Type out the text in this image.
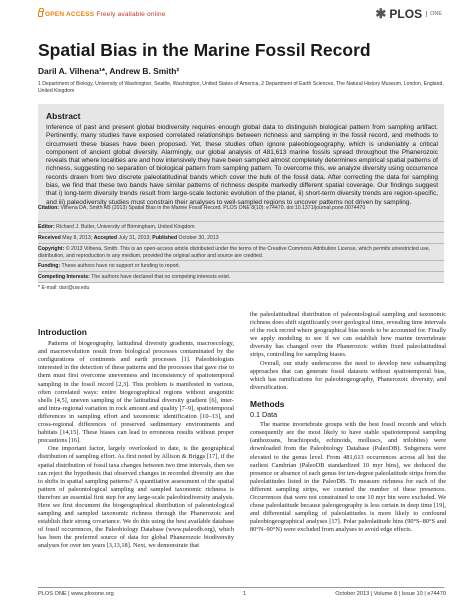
OPEN ACCESS Freely available online
✱	PLOS	ONE
Spatial Bias in the Marine Fossil Record
Daril A. Vilhena¹*, Andrew B. Smith²
1 Department of Biology, University of Washington, Seattle, Washington, United States of America, 2 Department of Earth Sciences, The Natural History Museum, London, England, United Kingdom
Abstract
Inference of past and present global biodiversity requires enough global data to distinguish biological pattern from sampling artifact. Pertinently, many studies have exposed correlated relationships between richness and sampling in the fossil record, and methods to circumvent these biases have been proposed. Yet, these studies often ignore paleobiogeography, which is undeniably a critical component of ancient global diversity. Alarmingly, our global analysis of 481,613 marine fossils spread throughout the Phanerozoic reveals that where localities are and how intensively they have been sampled almost completely determines empirical spatial patterns of richness, suggesting no separation of biological pattern from sampling pattern. To overcome this, we analyze diversity using occurrence records drawn from two discrete paleolatitudinal bands which cover the bulk of the fossil data. After correcting the data for sampling bias, we find that these two bands have similar patterns of richness despite markedly different spatial coverage. Our findings suggest that i) long-term diversity trends result from large-scale tectonic evolution of the planet, ii) short-term diversity trends are region-specific, and iii) paleodiversity studies must constrain their analyses to well-sampled regions to uncover patterns not driven by sampling.
Citation: Vilhena DA, Smith AB (2013) Spatial Bias in the Marine Fossil Record. PLOS ONE 8(10): e74470. doi:10.1371/journal.pone.0074470
Editor: Richard J. Butler, University of Birmingham, United Kingdom
Received May 8, 2013; Accepted July 31, 2013; Published October 30, 2013
Copyright: © 2013 Vilhena, Smith. This is an open-access article distributed under the terms of the Creative Commons Attribution License, which permits unrestricted use, distribution, and reproduction in any medium, provided the original author and source are credited.
Funding: These authors have no support or funding to report.
Competing Interests: The authors have declared that no competing interests exist.
* E-mail: dari@uw.edu
Introduction
Patterns of biogeography, latitudinal diversity gradients, macroecology, and macroevolution result from biological processes contaminated by the configurations of continents and earth processes [1]. Paleobiologists interested in the detection of these patterns and the processes that gave rise to them must first overcome unevenness and inconsistency of spatiotemporal sampling in the fossil record [2,3]. This problem is manifested in various, often correlated ways: entire biogeographical regions without aragonitic shells [4,5], uneven sampling of the latitudinal diversity gradient [6], inter- and intra-regional variation in rock amount and quality [7–9], spatiotemporal differences in sampling effort and taxonomic identification [10–13], and cross-regional differences of preserved sedimentary environments and habitats [14,15]. These biases can lead to erroneous results without proper precautions [16].
One important factor, largely overlooked to date, is the geographical distribution of sampling effort. As first noted by Allison & Briggs [17], if the spatial distribution of fossil taxa changes between two time intervals, then we can reject the hypothesis that observed changes in recorded diversity are due to shifts in spatial sampling patterns? A quantitative assessment of the spatial pattern of paleontological sampling and sampled taxonomic richness is therefore an essential first step for any large-scale paleobiodiversity analysis. Here we first document the biogeographical distribution of paleontological sampling and sampled taxonomic richness through the Phanerozoic and establish their strong covariance. We do this using the best available database of fossil occurrences, the Paleobiology Database (www.paleodb.org), which has been the preferred source of data for global Phanerozoic biodiversity analyses for over ten years [3,13,18]. Next, we demonstrate that
the paleolatitudinal distribution of paleontological sampling and taxonomic richness does shift significantly over geological time, revealing time intervals of the rock record where geographical bias needs to be accounted for. Finally we apply modeling to see if we can establish how marine invertebrate diversity has changed over the Phanerozoic within fixed paleolatitudinal strips, controlling for sampling biases.
Overall, our study underscores the need to develop new subsampling approaches that can generate fossil datasets without spatiotemporal bias, which has ramifications for paleobiogeography, Phanerozoic diversity, and diversification.
Methods
0.1 Data
The marine invertebrate groups with the best fossil records and which consequently are the most likely to have stable spatiotemporal sampling (anthozoans, brachiopods, echinoids, molluscs, and trilobites) were downloaded from the Paleobiology Database (PaleoDB). Subgenera were elevated to the genus level. From 481,613 occurrences across all but the earliest Cambrian (PaleoDB standardized 10 myr bins), we deduced the presence or absence of each genus for ten-degree paleolatitude strips from the paleolatitudes listed in the PaleoDB. To measure richness for each of the different sampling strips, we counted the number of these presences. Occurrences that were not constrained to one 10 myr bin were excluded. We chose paleolatitude because paleogeography is less certain in deep time [19], and differential sampling of paleolatitudes is more likely to confound paleobiogeographical analyses [17]. Polar paleolatitude bins (90°S–80°S and 80°N–90°N) were excluded from analyses to avoid edge effects.
PLOS ONE | www.plosone.org	1	October 2013 | Volume 8 | Issue 10 | e74470
